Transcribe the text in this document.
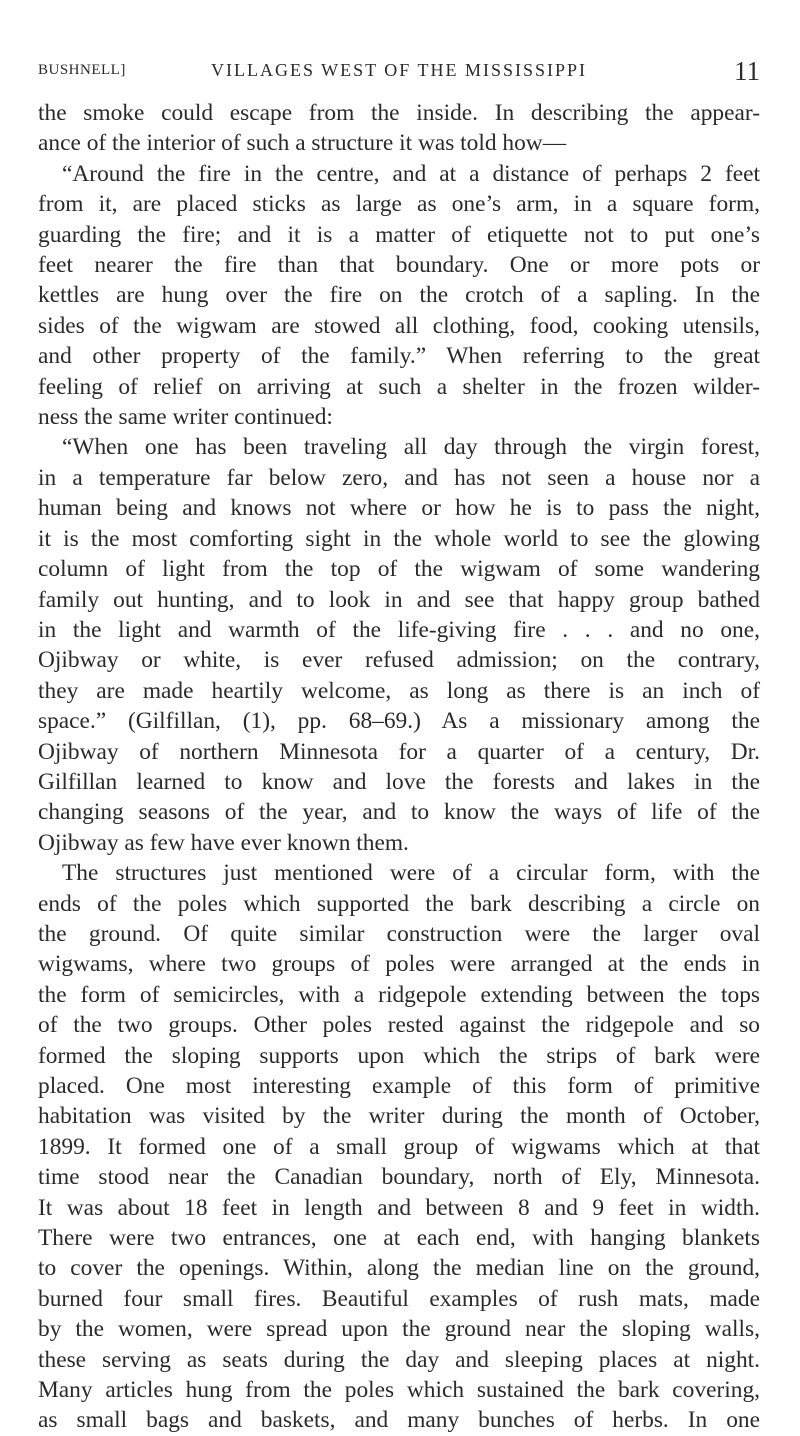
BUSHNELL]	VILLAGES WEST OF THE MISSISSIPPI	11

the smoke could escape from the inside. In describing the appear-

ance of the interior of such a structure it was told how—

“Around the fire in the centre, and at a distance of perhaps 2 feet

from it, are placed sticks as large as one’s arm, in a square form,

guarding the fire; and it is a matter of etiquette not to put one’s

feet nearer the fire than that boundary. One or more pots or

kettles are hung over the fire on the crotch of a sapling. In the

sides of the wigwam are stowed all clothing, food, cooking utensils,

and other property of the family.” When referring to the great

feeling of relief on arriving at such a shelter in the frozen wilder-

ness the same writer continued:

“When one has been traveling all day through the virgin forest,

in a temperature far below zero, and has not seen a house nor a

human being and knows not where or how he is to pass the night,

it is the most comforting sight in the whole world to see the glowing

column of light from the top of the wigwam of some wandering

family out hunting, and to look in and see that happy group bathed

in the light and warmth of the life-giving fire . . . and no one,

Ojibway or white, is ever refused admission; on the contrary,

they are made heartily welcome, as long as there is an inch of

space.” (Gilfillan, (1), pp. 68–69.) As a missionary among the

Ojibway of northern Minnesota for a quarter of a century, Dr.

Gilfillan learned to know and love the forests and lakes in the

changing seasons of the year, and to know the ways of life of the

Ojibway as few have ever known them.

The structures just mentioned were of a circular form, with the

ends of the poles which supported the bark describing a circle on

the ground. Of quite similar construction were the larger oval

wigwams, where two groups of poles were arranged at the ends in

the form of semicircles, with a ridgepole extending between the tops

of the two groups. Other poles rested against the ridgepole and so

formed the sloping supports upon which the strips of bark were

placed. One most interesting example of this form of primitive

habitation was visited by the writer during the month of October,

1899. It formed one of a small group of wigwams which at that

time stood near the Canadian boundary, north of Ely, Minnesota.

It was about 18 feet in length and between 8 and 9 feet in width.

There were two entrances, one at each end, with hanging blankets

to cover the openings. Within, along the median line on the ground,

burned four small fires. Beautiful examples of rush mats, made

by the women, were spread upon the ground near the sloping walls,

these serving as seats during the day and sleeping places at night.

Many articles hung from the poles which sustained the bark covering,

as small bags and baskets, and many bunches of herbs. In one
